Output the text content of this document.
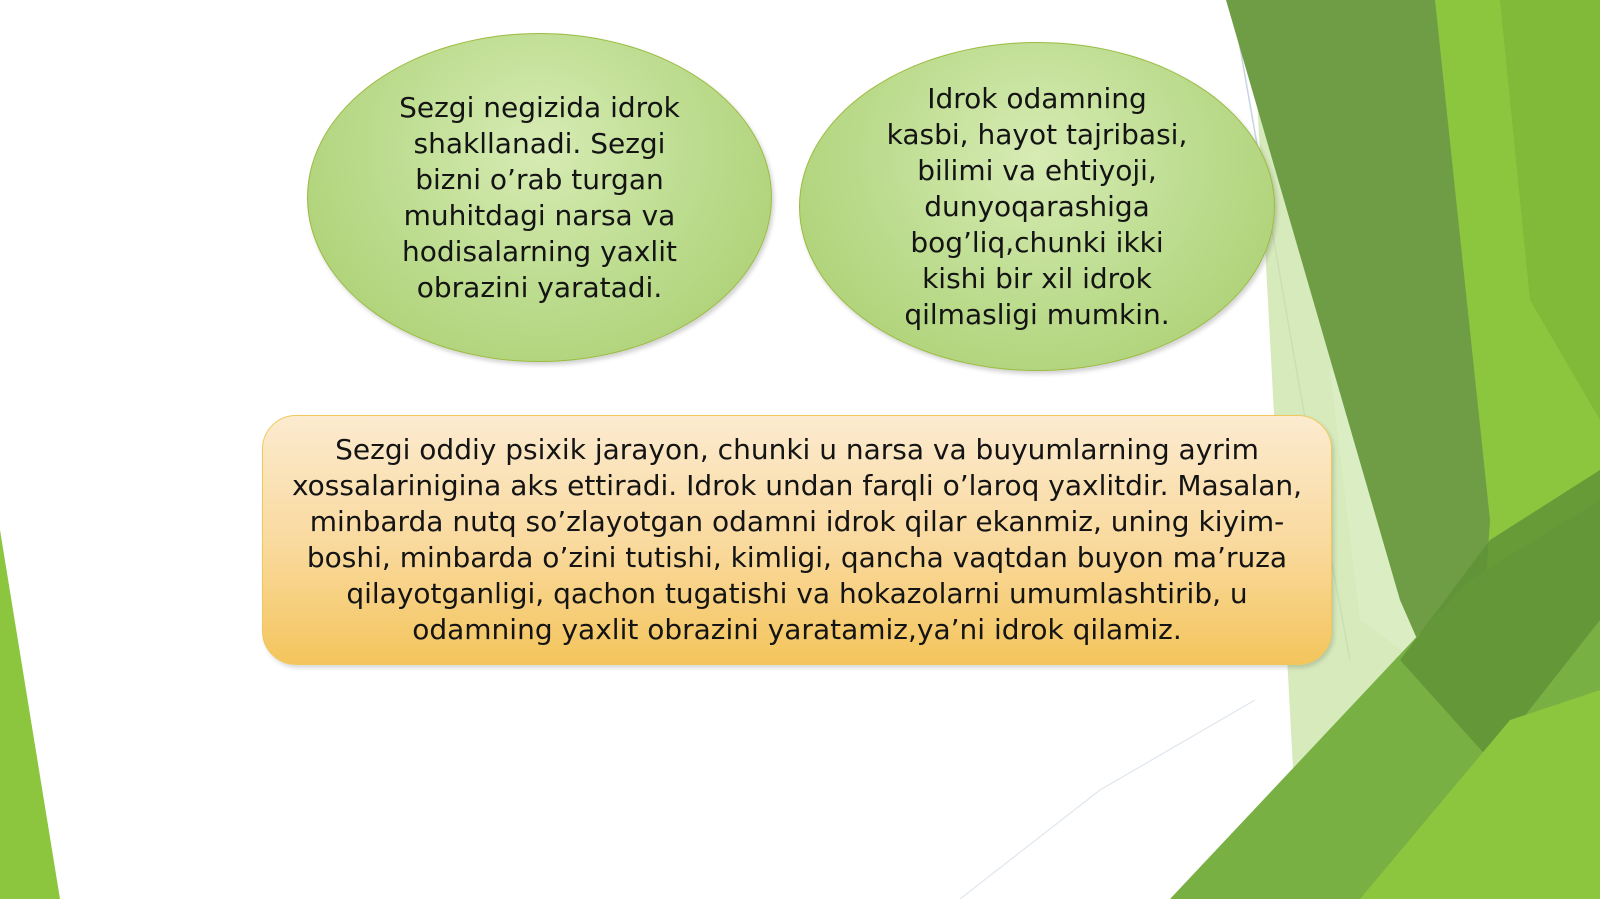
Sezgi negizida idrok
shakllanadi. Sezgi
bizni o’rab turgan
muhitdagi narsa va
hodisalarning yaxlit
obrazini yaratadi.
Idrok odamning
kasbi, hayot tajribasi,
bilimi va ehtiyoji,
dunyoqarashiga
bog’liq,chunki ikki
kishi bir xil idrok
qilmasligi mumkin.
Sezgi oddiy psixik jarayon, chunki u narsa va buyumlarning ayrim
xossalarinigina aks ettiradi. Idrok undan farqli o’laroq yaxlitdir. Masalan,
minbarda nutq so’zlayotgan odamni idrok qilar ekanmiz, uning kiyim-
boshi, minbarda o’zini tutishi, kimligi, qancha vaqtdan buyon ma’ruza
qilayotganligi, qachon tugatishi va hokazolarni umumlashtirib, u
odamning yaxlit obrazini yaratamiz,ya’ni idrok qilamiz.
